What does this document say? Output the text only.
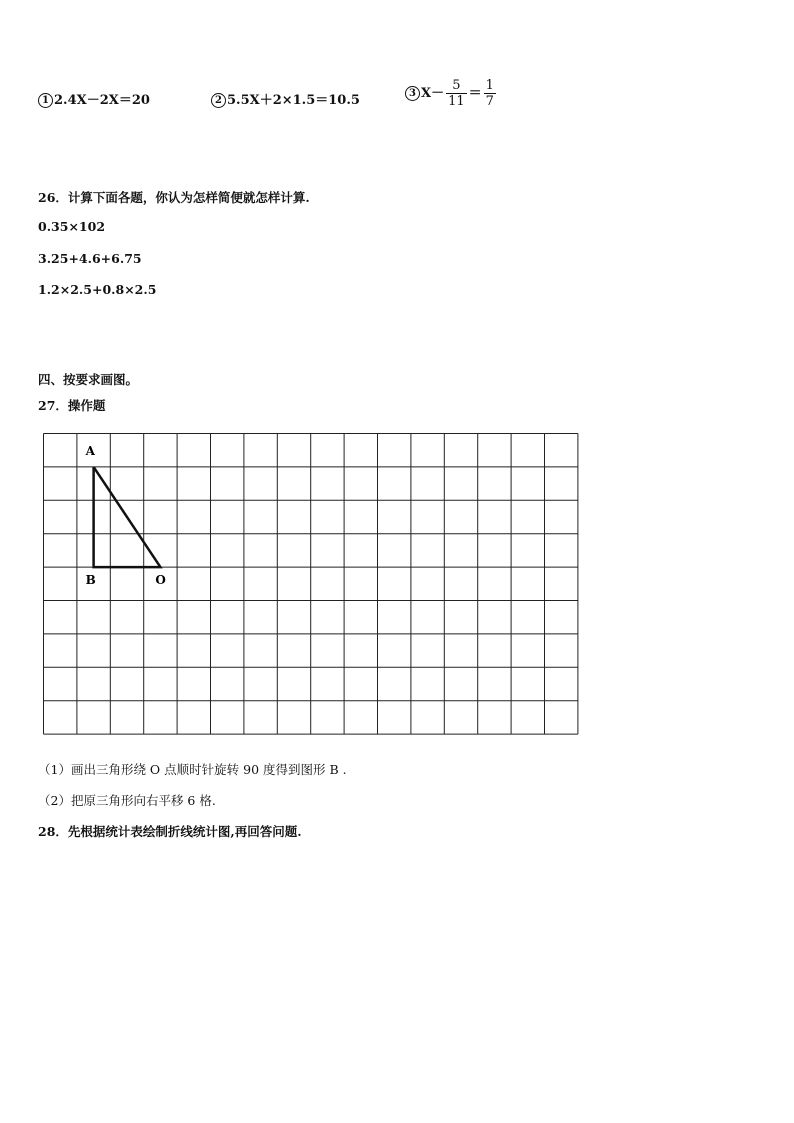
1 2.4X－2X＝20	2 5.5X＋2×1.5＝10.5	3 $X- \frac{5}{11} = \frac{1}{7}$
26．计算下面各题，你认为怎样简便就怎样计算.
0.35×102
3.25+4.6+6.75
1.2×2.5+0.8×2.5
四、按要求画图。
27．操作题
A
B	O
（1）画出三角形绕 O 点顺时针旋转 90 度得到图形 B .
（2）把原三角形向右平移 6 格.
28．先根据统计表绘制折线统计图,再回答问题.
